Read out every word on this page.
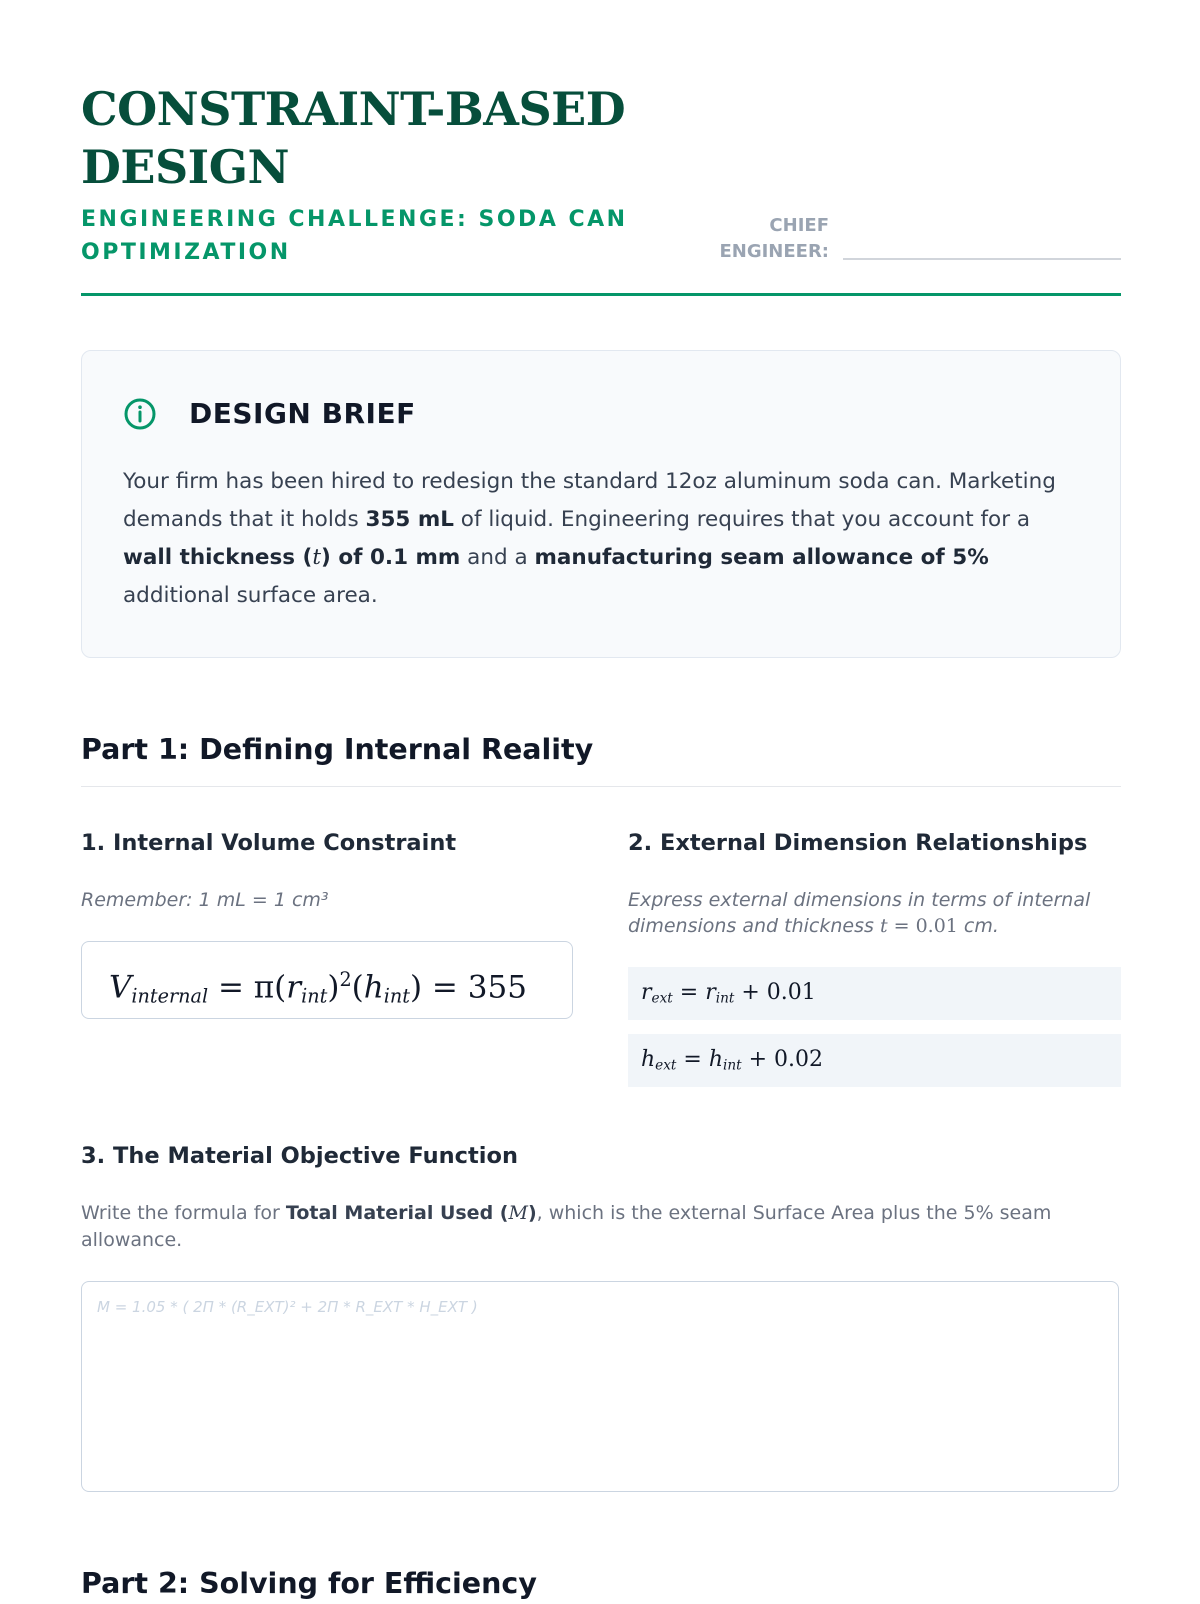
CONSTRAINT-BASED DESIGN
ENGINEERING CHALLENGE: SODA CAN OPTIMIZATION
CHIEF ENGINEER:
DESIGN BRIEF
Your firm has been hired to redesign the standard 12oz aluminum soda can. Marketing demands that it holds 355 mL of liquid. Engineering requires that you account for a wall thickness (t) of 0.1 mm and a manufacturing seam allowance of 5% additional surface area.
Part 1: Defining Internal Reality
1. Internal Volume Constraint
Remember: 1 mL = 1 cm³
$V_{internal} = \pi(r_{int})^2(h_{int}) = 355$
2. External Dimension Relationships
Express external dimensions in terms of internal dimensions and thickness t = 0.01 cm.
$r_{ext} = r_{int} + 0.01$
$h_{ext} = h_{int} + 0.02$
3. The Material Objective Function
Write the formula for Total Material Used (M), which is the external Surface Area plus the 5% seam allowance.
M = 1.05 * ( 2Π * (R_EXT)² + 2Π * R_EXT * H_EXT )
Part 2: Solving for Efficiency
